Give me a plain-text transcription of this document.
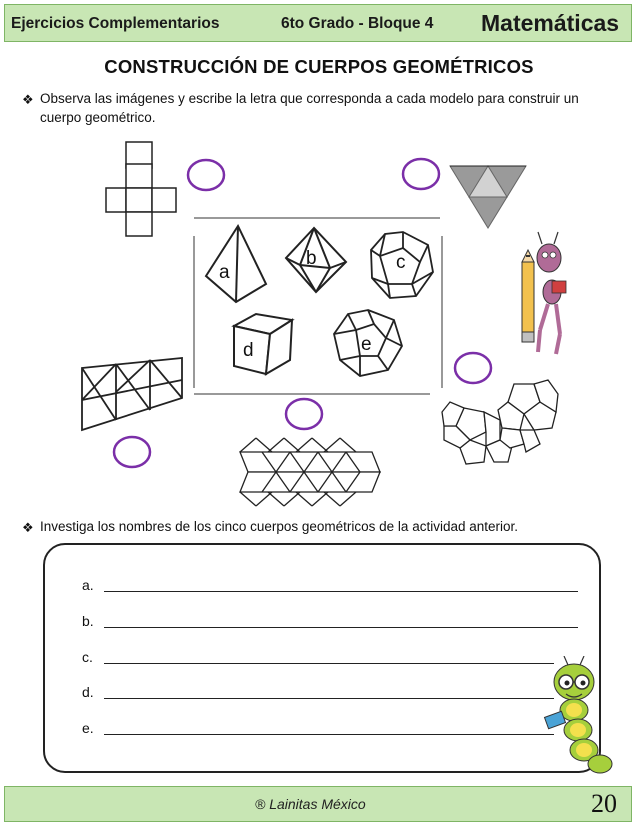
Ejercicios Complementarios	6to Grado - Bloque 4 Matemáticas
CONSTRUCCIÓN DE CUERPOS GEOMÉTRICOS
❖ Observa las imágenes y escribe la letra que corresponda a cada modelo para construir un
cuerpo geométrico.
a
b	c
d	e
❖ Investiga los nombres de los cinco cuerpos geométricos de la actividad anterior.
a.
b.
c.
d.
e.
® Lainitas México	20
